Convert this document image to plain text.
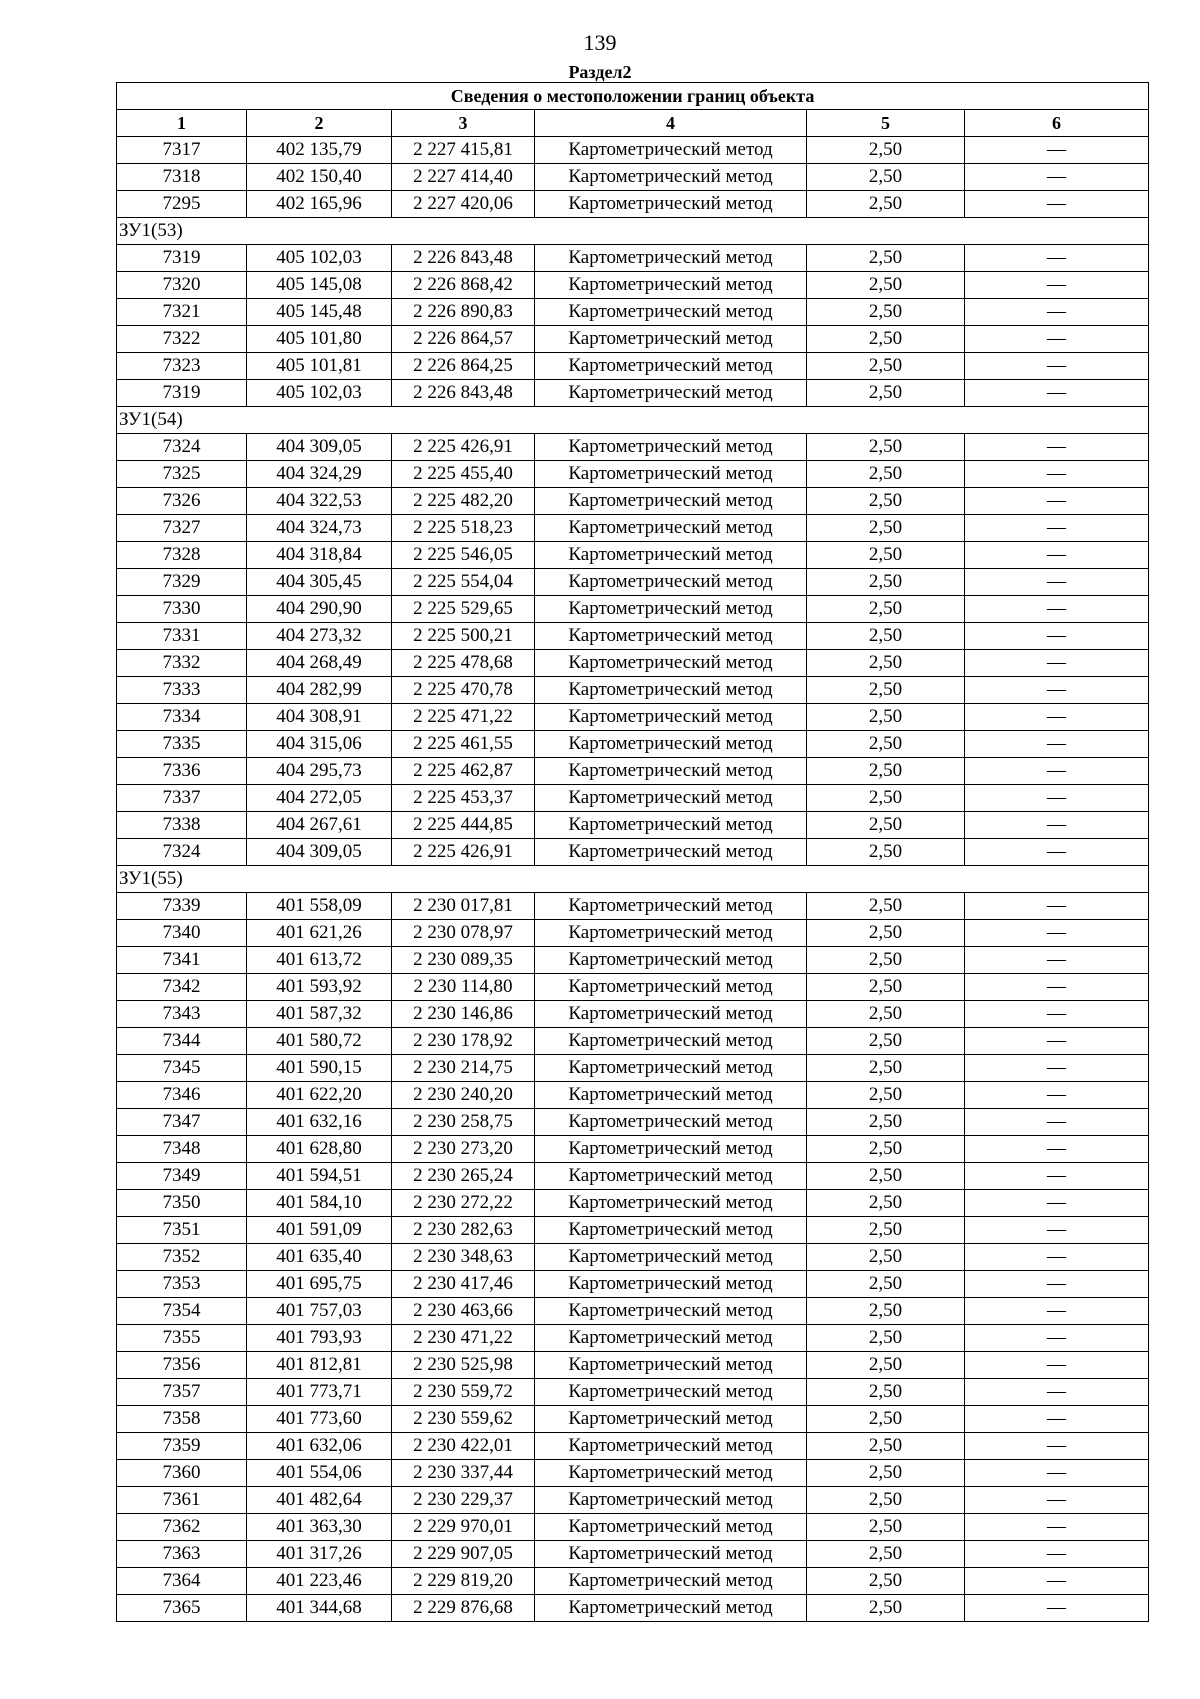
139
Раздел2
Сведения о местоположении границ объекта					
1	2	3	4	5	6
7317	402 135,79	2 227 415,81	Картометрический метод	2,50	—
7318	402 150,40	2 227 414,40	Картометрический метод	2,50	—
7295	402 165,96	2 227 420,06	Картометрический метод	2,50	—
ЗУ1(53)					
7319	405 102,03	2 226 843,48	Картометрический метод	2,50	—
7320	405 145,08	2 226 868,42	Картометрический метод	2,50	—
7321	405 145,48	2 226 890,83	Картометрический метод	2,50	—
7322	405 101,80	2 226 864,57	Картометрический метод	2,50	—
7323	405 101,81	2 226 864,25	Картометрический метод	2,50	—
7319	405 102,03	2 226 843,48	Картометрический метод	2,50	—
ЗУ1(54)					
7324	404 309,05	2 225 426,91	Картометрический метод	2,50	—
7325	404 324,29	2 225 455,40	Картометрический метод	2,50	—
7326	404 322,53	2 225 482,20	Картометрический метод	2,50	—
7327	404 324,73	2 225 518,23	Картометрический метод	2,50	—
7328	404 318,84	2 225 546,05	Картометрический метод	2,50	—
7329	404 305,45	2 225 554,04	Картометрический метод	2,50	—
7330	404 290,90	2 225 529,65	Картометрический метод	2,50	—
7331	404 273,32	2 225 500,21	Картометрический метод	2,50	—
7332	404 268,49	2 225 478,68	Картометрический метод	2,50	—
7333	404 282,99	2 225 470,78	Картометрический метод	2,50	—
7334	404 308,91	2 225 471,22	Картометрический метод	2,50	—
7335	404 315,06	2 225 461,55	Картометрический метод	2,50	—
7336	404 295,73	2 225 462,87	Картометрический метод	2,50	—
7337	404 272,05	2 225 453,37	Картометрический метод	2,50	—
7338	404 267,61	2 225 444,85	Картометрический метод	2,50	—
7324	404 309,05	2 225 426,91	Картометрический метод	2,50	—
ЗУ1(55)					
7339	401 558,09	2 230 017,81	Картометрический метод	2,50	—
7340	401 621,26	2 230 078,97	Картометрический метод	2,50	—
7341	401 613,72	2 230 089,35	Картометрический метод	2,50	—
7342	401 593,92	2 230 114,80	Картометрический метод	2,50	—
7343	401 587,32	2 230 146,86	Картометрический метод	2,50	—
7344	401 580,72	2 230 178,92	Картометрический метод	2,50	—
7345	401 590,15	2 230 214,75	Картометрический метод	2,50	—
7346	401 622,20	2 230 240,20	Картометрический метод	2,50	—
7347	401 632,16	2 230 258,75	Картометрический метод	2,50	—
7348	401 628,80	2 230 273,20	Картометрический метод	2,50	—
7349	401 594,51	2 230 265,24	Картометрический метод	2,50	—
7350	401 584,10	2 230 272,22	Картометрический метод	2,50	—
7351	401 591,09	2 230 282,63	Картометрический метод	2,50	—
7352	401 635,40	2 230 348,63	Картометрический метод	2,50	—
7353	401 695,75	2 230 417,46	Картометрический метод	2,50	—
7354	401 757,03	2 230 463,66	Картометрический метод	2,50	—
7355	401 793,93	2 230 471,22	Картометрический метод	2,50	—
7356	401 812,81	2 230 525,98	Картометрический метод	2,50	—
7357	401 773,71	2 230 559,72	Картометрический метод	2,50	—
7358	401 773,60	2 230 559,62	Картометрический метод	2,50	—
7359	401 632,06	2 230 422,01	Картометрический метод	2,50	—
7360	401 554,06	2 230 337,44	Картометрический метод	2,50	—
7361	401 482,64	2 230 229,37	Картометрический метод	2,50	—
7362	401 363,30	2 229 970,01	Картометрический метод	2,50	—
7363	401 317,26	2 229 907,05	Картометрический метод	2,50	—
7364	401 223,46	2 229 819,20	Картометрический метод	2,50	—
7365	401 344,68	2 229 876,68	Картометрический метод	2,50	—
